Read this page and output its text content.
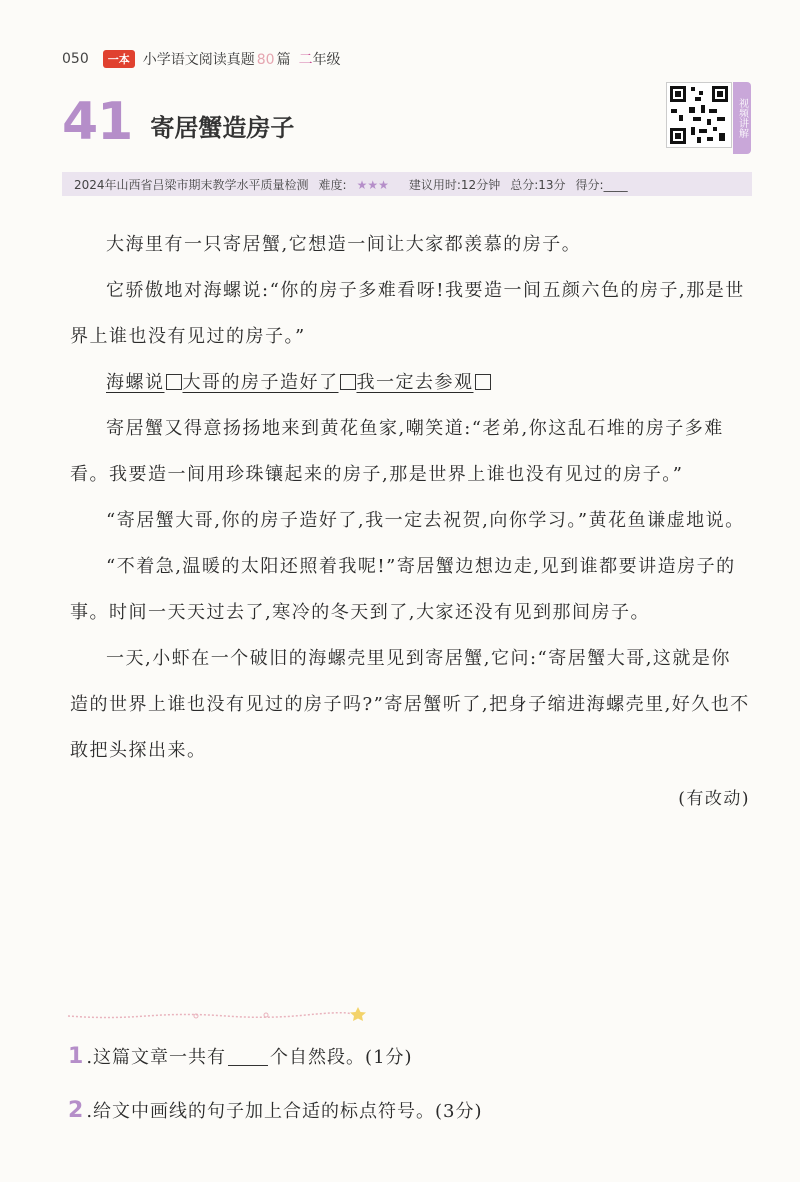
050	一本 小学语文阅读真题 80 篇 二年级
41 寄居蟹造房子	视频讲解
2024年山西省吕梁市期末教学水平质量检测 难度: ★★★	建议用时:12分钟 总分:13分 得分:____

大海里有一只寄居蟹,它想造一间让大家都羡慕的房子。

它骄傲地对海螺说:“你的房子多难看呀!我要造一间五颜六色的房子,那是世界上谁也没有见过的房子。”

海螺说 大哥的房子造好了 我一定去参观

寄居蟹又得意扬扬地来到黄花鱼家,嘲笑道:“老弟,你这乱石堆的房子多难看。我要造一间用珍珠镶起来的房子,那是世界上谁也没有见过的房子。”

“寄居蟹大哥,你的房子造好了,我一定去祝贺,向你学习。”黄花鱼谦虚地说。

“不着急,温暖的太阳还照着我呢!”寄居蟹边想边走,见到谁都要讲造房子的事。时间一天天过去了,寒冷的冬天到了,大家还没有见到那间房子。

一天,小虾在一个破旧的海螺壳里见到寄居蟹,它问:“寄居蟹大哥,这就是你造的世界上谁也没有见过的房子吗?”寄居蟹听了,把身子缩进海螺壳里,好久也不敢把头探出来。

(有改动)

1 .这篇文章一共有 个自然段。(1分)
2 .给文中画线的句子加上合适的标点符号。(3分)
